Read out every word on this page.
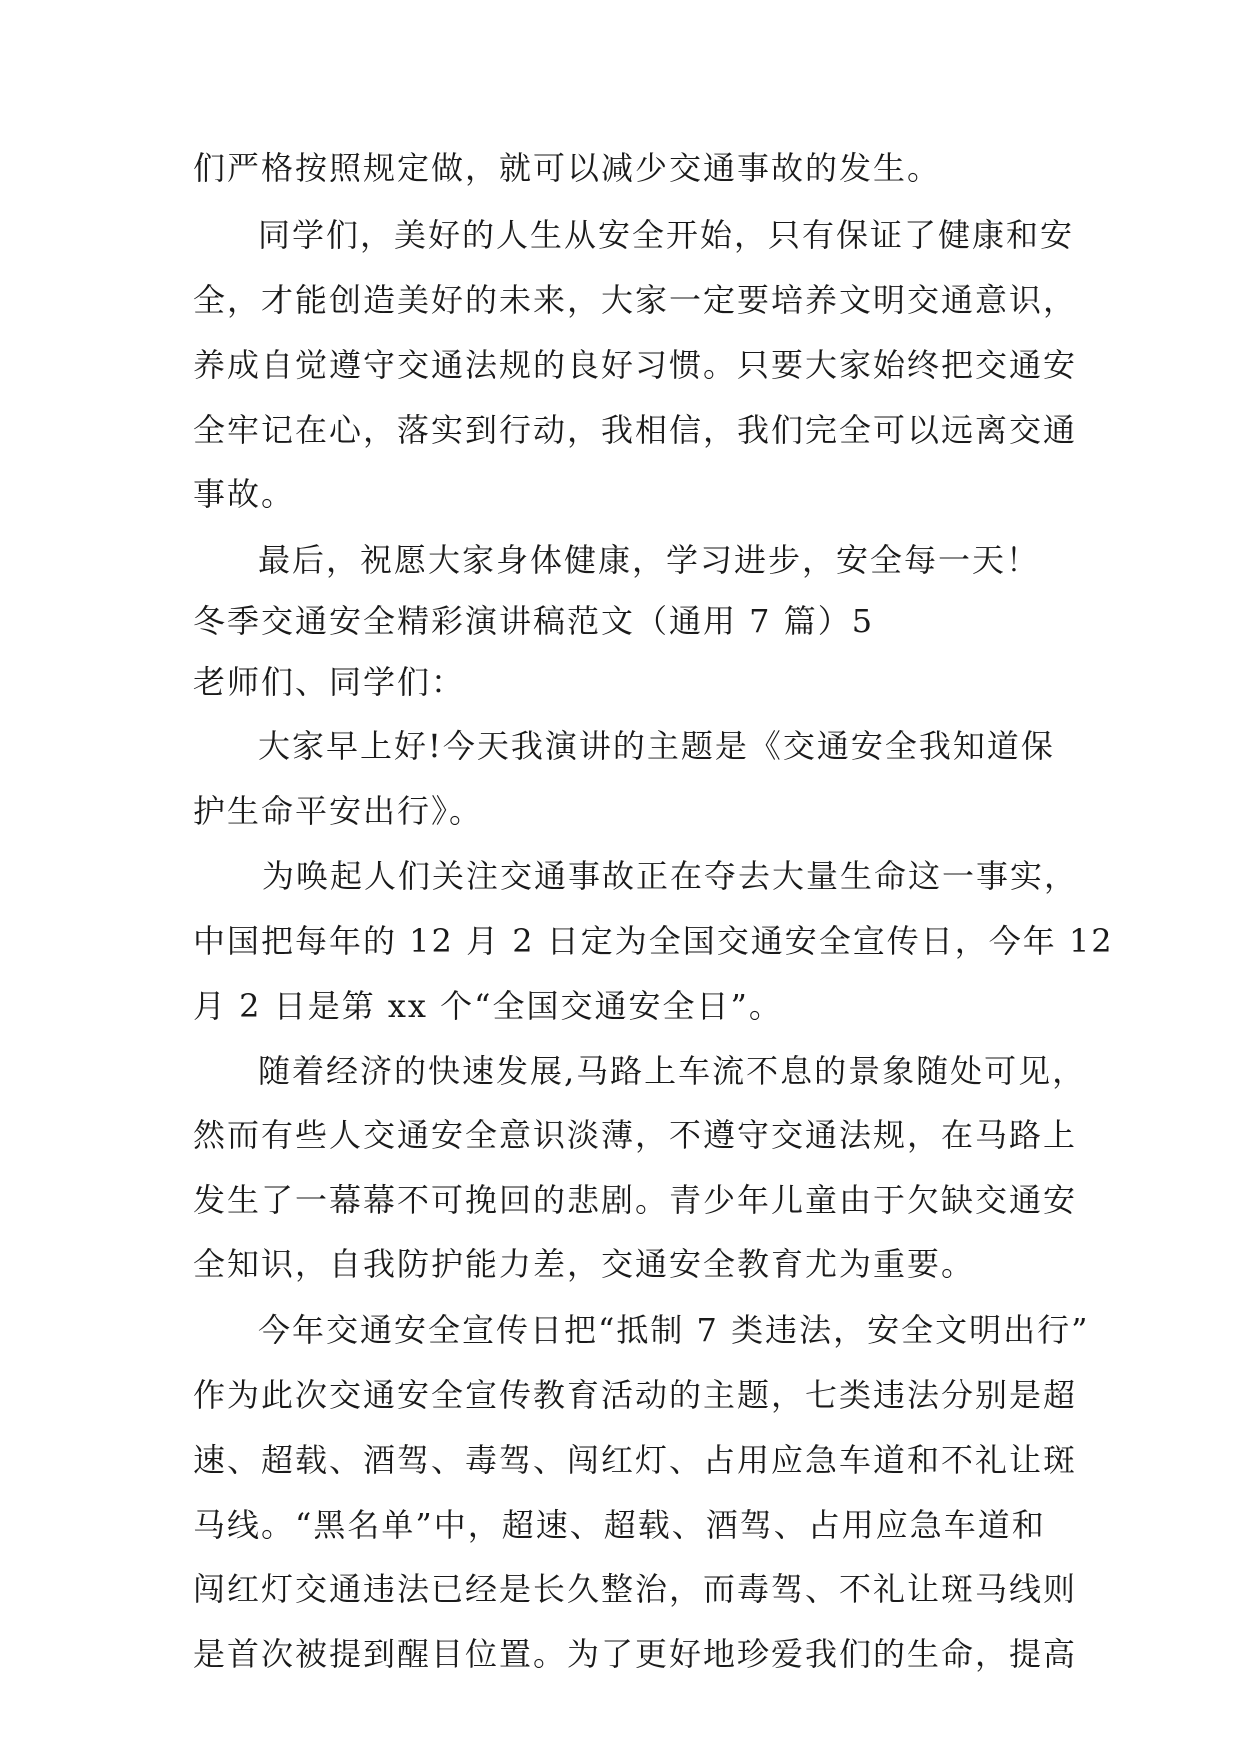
们严格按照规定做，就可以减少交通事故的发生。
同学们，美好的人生从安全开始，只有保证了健康和安
全，才能创造美好的未来，大家一定要培养文明交通意识，
养成自觉遵守交通法规的良好习惯。只要大家始终把交通安
全牢记在心，落实到行动，我相信，我们完全可以远离交通
事故。
最后，祝愿大家身体健康，学习进步，安全每一天！
冬季交通安全精彩演讲稿范文（通用 7 篇）5
老师们、同学们：
大家早上好!今天我演讲的主题是《交通安全我知道保
护生命平安出行》。
为唤起人们关注交通事故正在夺去大量生命这一事实，
中国把每年的 12 月 2 日定为全国交通安全宣传日，今年 12
月 2 日是第 xx 个“全国交通安全日”。
随着经济的快速发展,马路上车流不息的景象随处可见，
然而有些人交通安全意识淡薄，不遵守交通法规，在马路上
发生了一幕幕不可挽回的悲剧。青少年儿童由于欠缺交通安
全知识，自我防护能力差，交通安全教育尤为重要。
今年交通安全宣传日把“抵制 7 类违法，安全文明出行”
作为此次交通安全宣传教育活动的主题，七类违法分别是超
速、超载、酒驾、毒驾、闯红灯、占用应急车道和不礼让斑
马线。“黑名单”中，超速、超载、酒驾、占用应急车道和
闯红灯交通违法已经是长久整治，而毒驾、不礼让斑马线则
是首次被提到醒目位置。为了更好地珍爱我们的生命，提高
